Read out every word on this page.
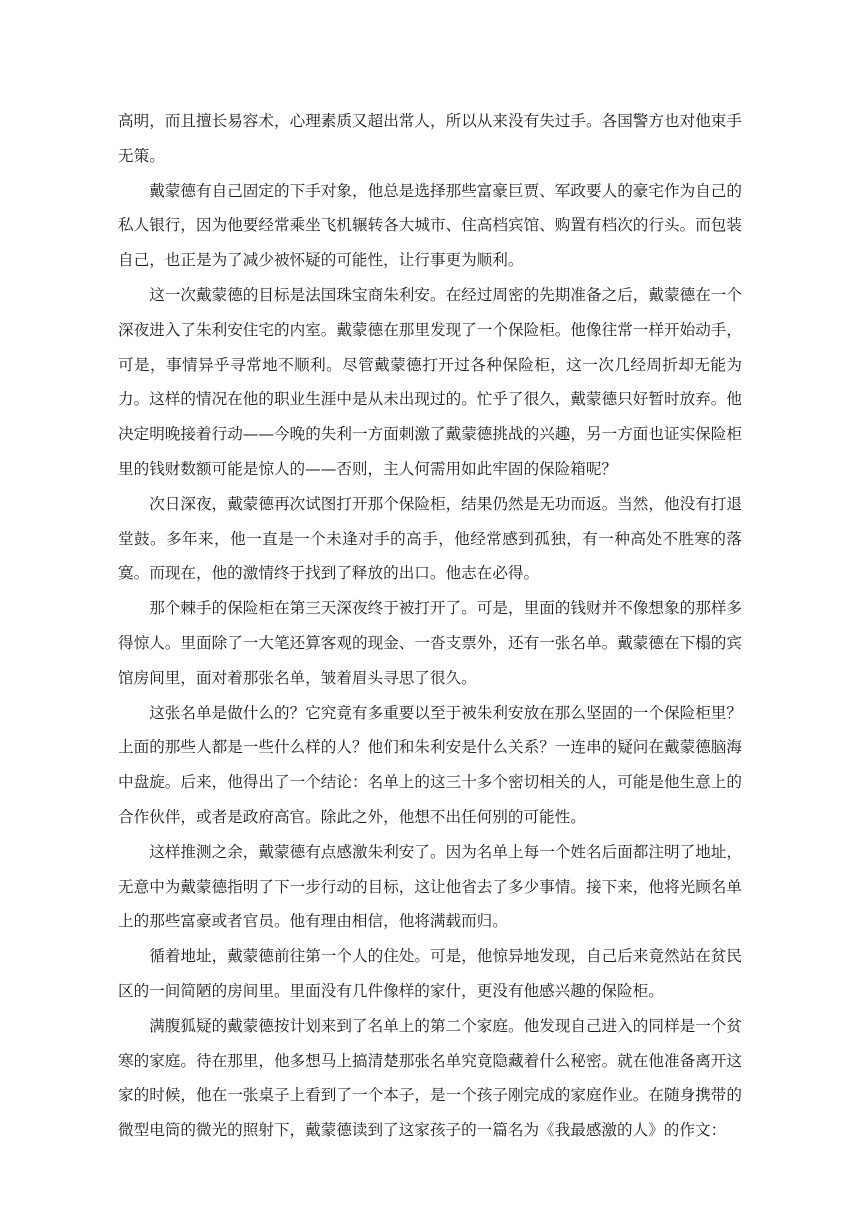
高明，而且擅长易容术，心理素质又超出常人，所以从来没有失过手。各国警方也对他束手无策。

戴蒙德有自己固定的下手对象，他总是选择那些富豪巨贾、军政要人的豪宅作为自己的私人银行，因为他要经常乘坐飞机辗转各大城市、住高档宾馆、购置有档次的行头。而包装自己，也正是为了减少被怀疑的可能性，让行事更为顺利。

这一次戴蒙德的目标是法国珠宝商朱利安。在经过周密的先期准备之后，戴蒙德在一个深夜进入了朱利安住宅的内室。戴蒙德在那里发现了一个保险柜。他像往常一样开始动手，可是，事情异乎寻常地不顺利。尽管戴蒙德打开过各种保险柜，这一次几经周折却无能为力。这样的情况在他的职业生涯中是从未出现过的。忙乎了很久，戴蒙德只好暂时放弃。他决定明晚接着行动——今晚的失利一方面刺激了戴蒙德挑战的兴趣，另一方面也证实保险柜里的钱财数额可能是惊人的——否则，主人何需用如此牢固的保险箱呢？

次日深夜，戴蒙德再次试图打开那个保险柜，结果仍然是无功而返。当然，他没有打退堂鼓。多年来，他一直是一个未逢对手的高手，他经常感到孤独，有一种高处不胜寒的落寞。而现在，他的激情终于找到了释放的出口。他志在必得。

那个棘手的保险柜在第三天深夜终于被打开了。可是，里面的钱财并不像想象的那样多得惊人。里面除了一大笔还算客观的现金、一沓支票外，还有一张名单。戴蒙德在下榻的宾馆房间里，面对着那张名单，皱着眉头寻思了很久。

这张名单是做什么的？它究竟有多重要以至于被朱利安放在那么坚固的一个保险柜里？上面的那些人都是一些什么样的人？他们和朱利安是什么关系？一连串的疑问在戴蒙德脑海中盘旋。后来，他得出了一个结论：名单上的这三十多个密切相关的人，可能是他生意上的合作伙伴，或者是政府高官。除此之外，他想不出任何别的可能性。

这样推测之余，戴蒙德有点感激朱利安了。因为名单上每一个姓名后面都注明了地址，无意中为戴蒙德指明了下一步行动的目标，这让他省去了多少事情。接下来，他将光顾名单上的那些富豪或者官员。他有理由相信，他将满载而归。

循着地址，戴蒙德前往第一个人的住处。可是，他惊异地发现，自己后来竟然站在贫民区的一间简陋的房间里。里面没有几件像样的家什，更没有他感兴趣的保险柜。

满腹狐疑的戴蒙德按计划来到了名单上的第二个家庭。他发现自己进入的同样是一个贫寒的家庭。待在那里，他多想马上搞清楚那张名单究竟隐藏着什么秘密。就在他准备离开这家的时候，他在一张桌子上看到了一个本子，是一个孩子刚完成的家庭作业。在随身携带的微型电筒的微光的照射下，戴蒙德读到了这家孩子的一篇名为《我最感激的人》的作文：
